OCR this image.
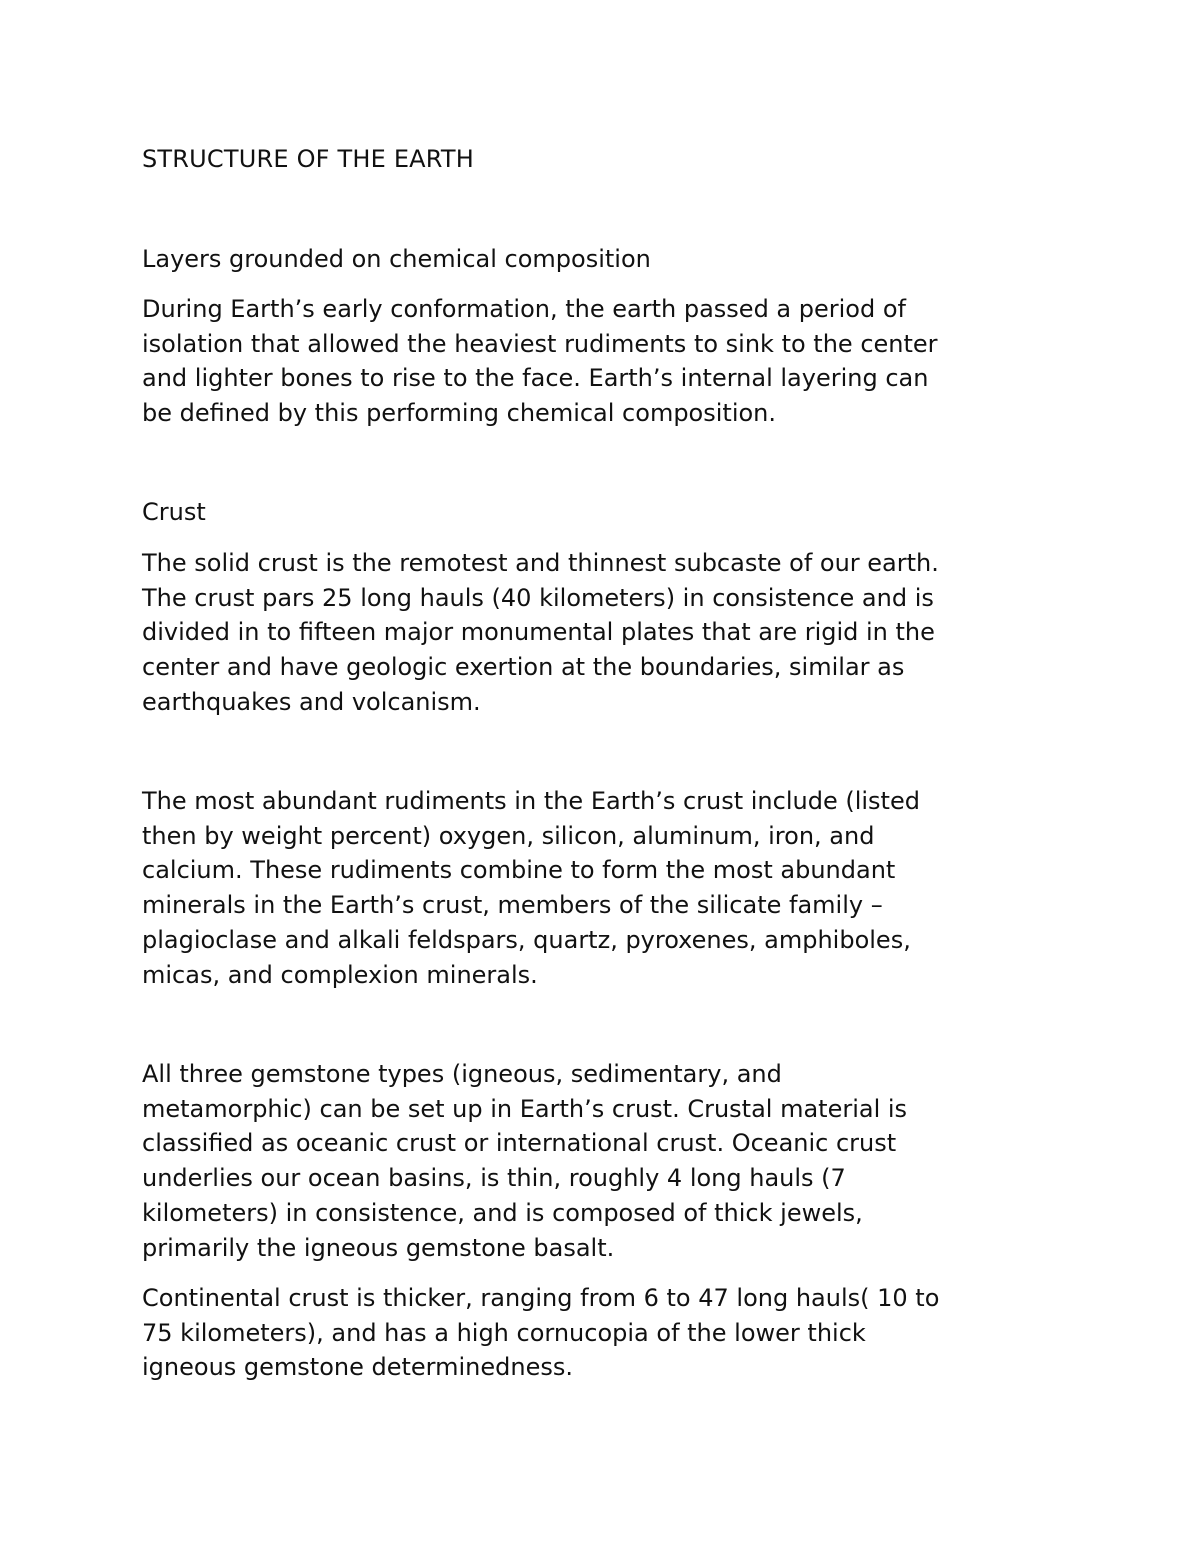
STRUCTURE OF THE EARTH

Layers grounded on chemical composition

During Earth’s early conformation, the earth passed a period of
isolation that allowed the heaviest rudiments to sink to the center
and lighter bones to rise to the face. Earth’s internal layering can
be defined by this performing chemical composition.

Crust

The solid crust is the remotest and thinnest subcaste of our earth.
The crust pars 25 long hauls (40 kilometers) in consistence and is
divided in to fifteen major monumental plates that are rigid in the
center and have geologic exertion at the boundaries, similar as
earthquakes and volcanism.

The most abundant rudiments in the Earth’s crust include (listed
then by weight percent) oxygen, silicon, aluminum, iron, and
calcium. These rudiments combine to form the most abundant
minerals in the Earth’s crust, members of the silicate family –
plagioclase and alkali feldspars, quartz, pyroxenes, amphiboles,
micas, and complexion minerals.

All three gemstone types (igneous, sedimentary, and
metamorphic) can be set up in Earth’s crust. Crustal material is
classified as oceanic crust or international crust. Oceanic crust
underlies our ocean basins, is thin, roughly 4 long hauls (7
kilometers) in consistence, and is composed of thick jewels,
primarily the igneous gemstone basalt.

Continental crust is thicker, ranging from 6 to 47 long hauls( 10 to
75 kilometers), and has a high cornucopia of the lower thick
igneous gemstone determinedness.
